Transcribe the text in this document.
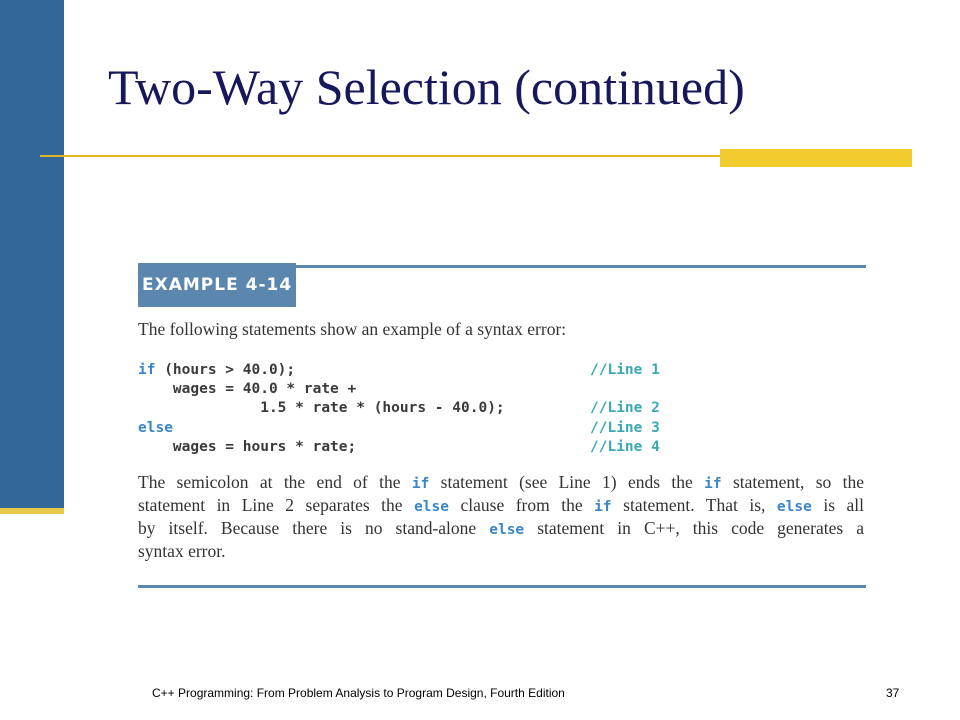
Two-Way Selection (continued)
EXAMPLE 4-14

The following statements show an example of a syntax error:

if (hours > 40.0);	//Line 1
wages = 40.0 * rate +
1.5 * rate * (hours - 40.0);	//Line 2
else	//Line 3
wages = hours * rate;	//Line 4
The semicolon at the end of the if statement (see Line 1) ends the if statement, so the
statement in Line 2 separates the else clause from the if statement. That is, else is all
by itself. Because there is no stand-alone else statement in C++, this code generates a
syntax error.
C++ Programming: From Problem Analysis to Program Design, Fourth Edition	37
